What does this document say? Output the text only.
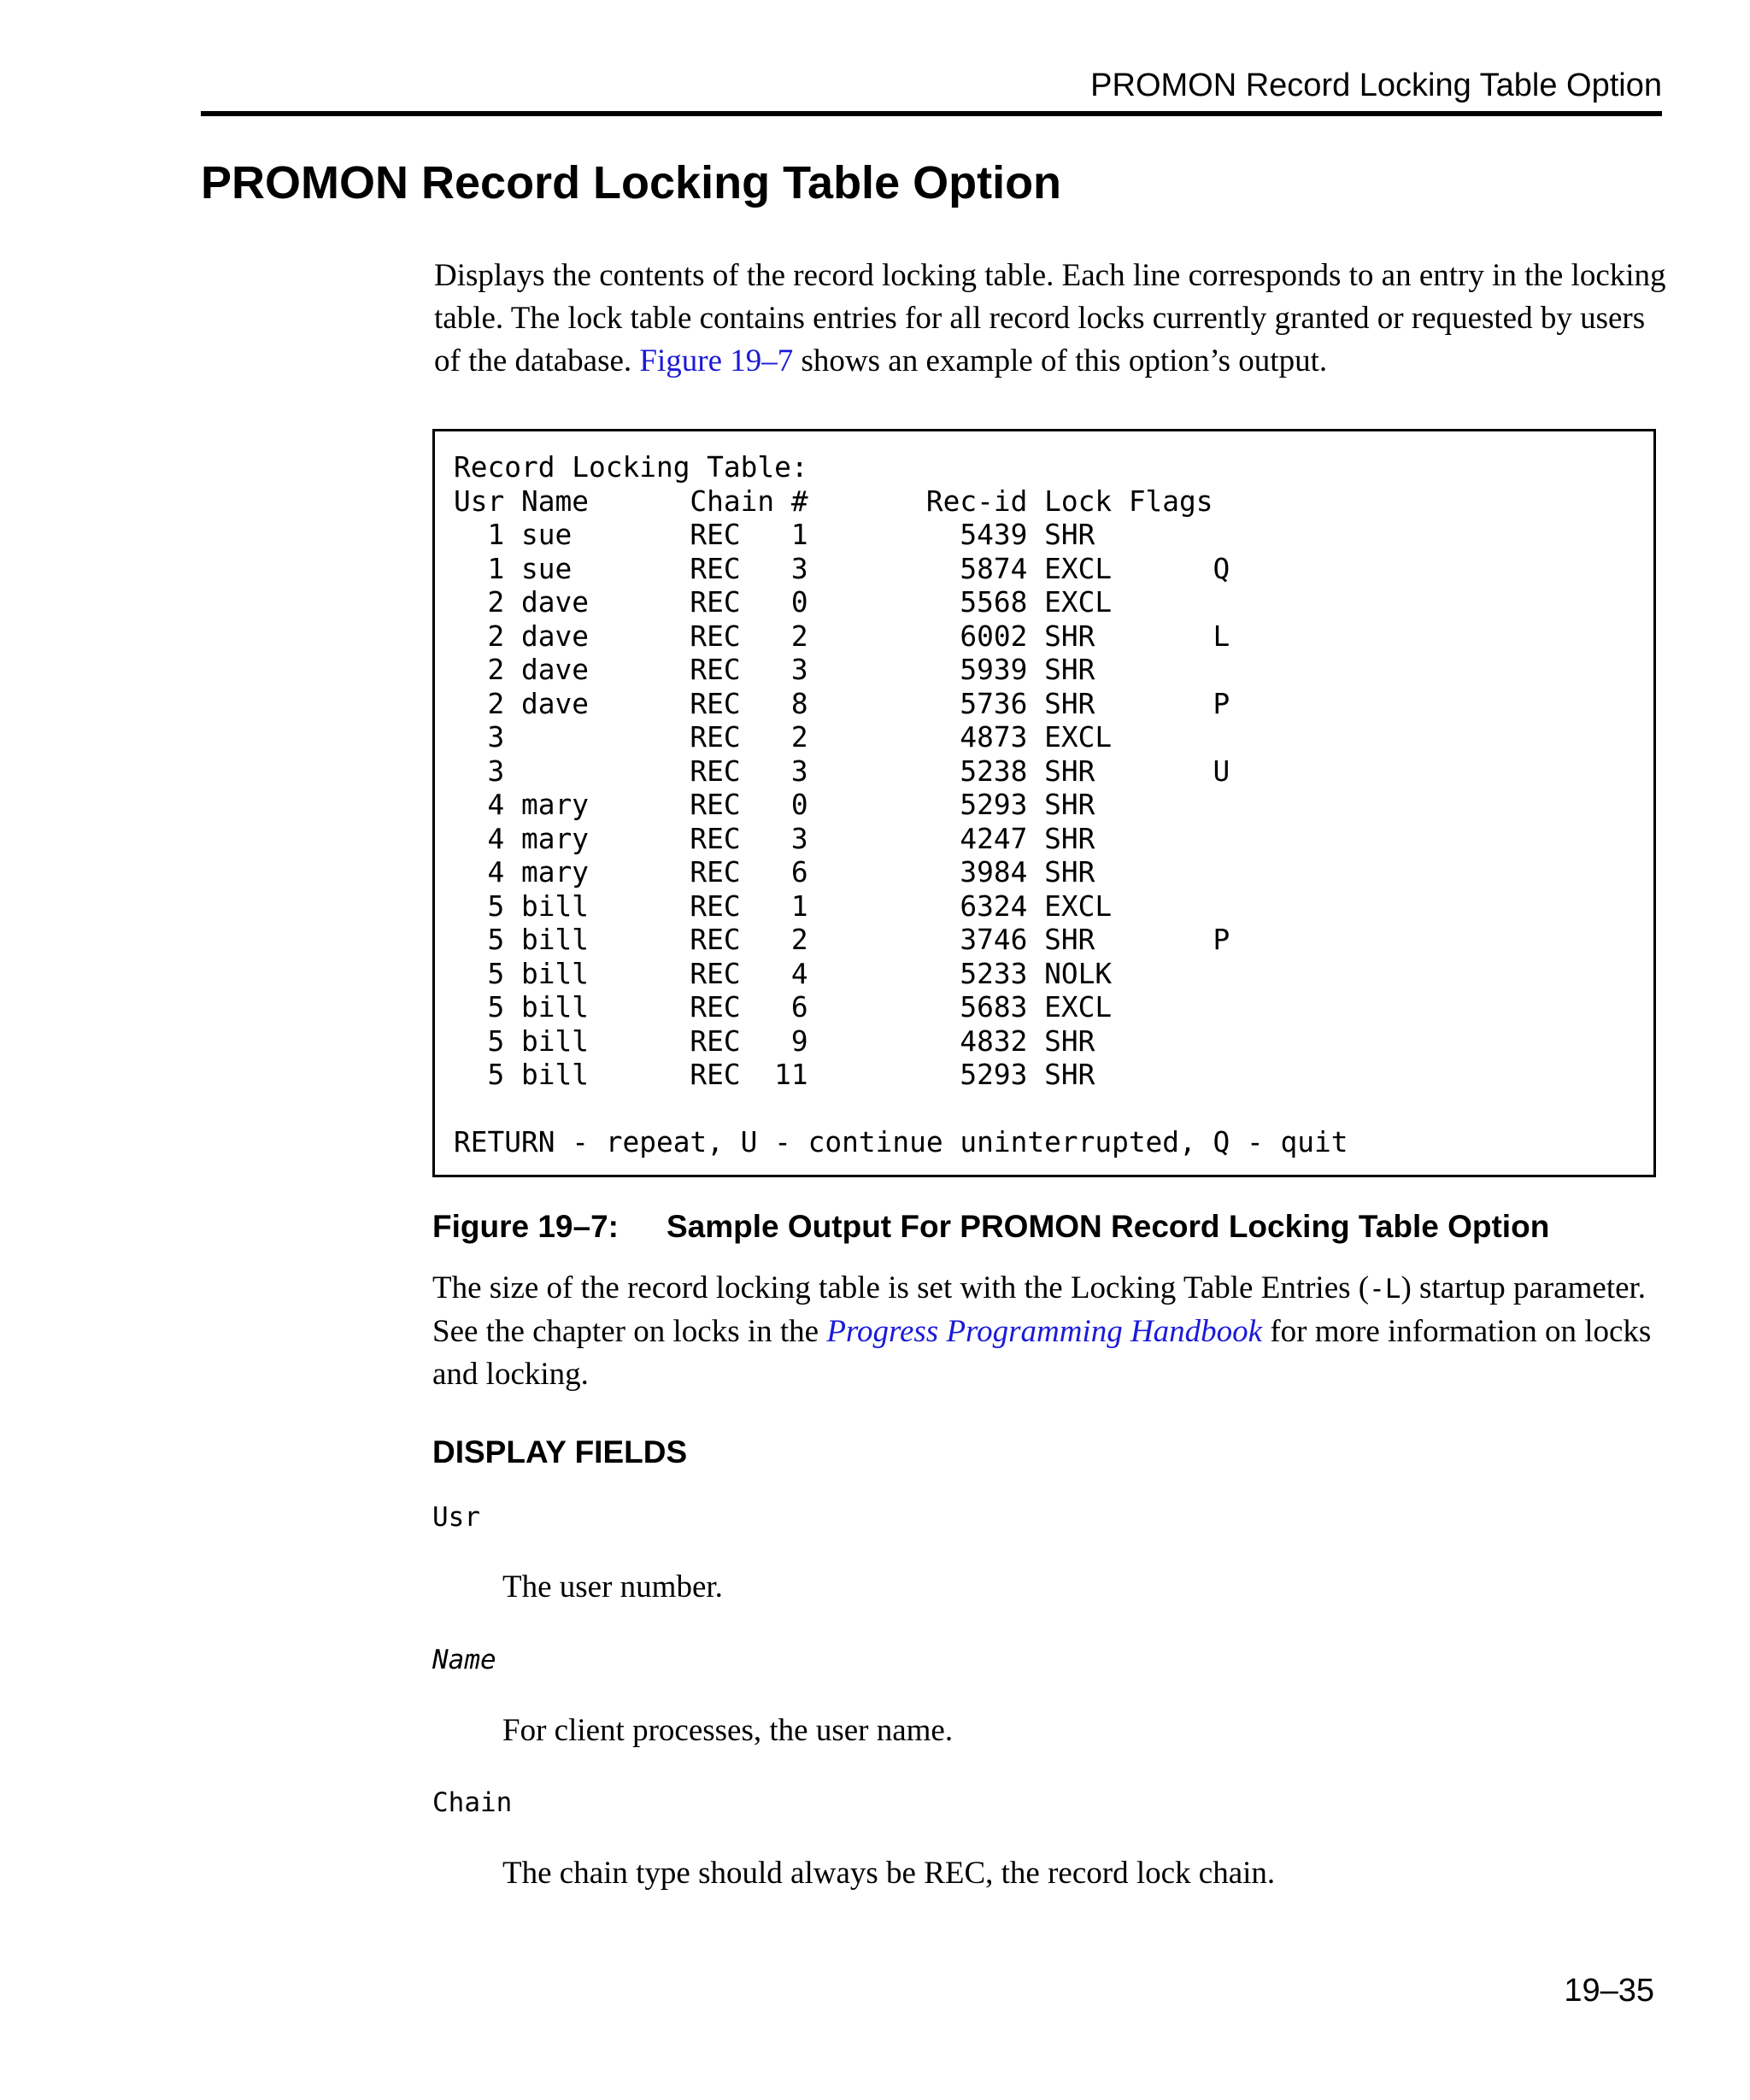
PROMON Record Locking Table Option
PROMON Record Locking Table Option

Displays the contents of the record locking table. Each line corresponds to an entry in the locking table. The lock table contains entries for all record locks currently granted or requested by users of the database. Figure 19–7 shows an example of this option’s output.

Record Locking Table:
Usr Name      Chain #       Rec-id Lock Flags
1 sue       REC   1         5439 SHR
1 sue       REC   3         5874 EXCL      Q
2 dave      REC   0         5568 EXCL
2 dave      REC   2         6002 SHR       L
2 dave      REC   3         5939 SHR
2 dave      REC   8         5736 SHR       P
3           REC   2         4873 EXCL
3           REC   3         5238 SHR       U
4 mary      REC   0         5293 SHR
4 mary      REC   3         4247 SHR
4 mary      REC   6         3984 SHR
5 bill      REC   1         6324 EXCL
5 bill      REC   2         3746 SHR       P
5 bill      REC   4         5233 NOLK
5 bill      REC   6         5683 EXCL
5 bill      REC   9         4832 SHR
5 bill      REC  11         5293 SHR

RETURN - repeat, U - continue uninterrupted, Q - quit

Figure 19–7: Sample Output For PROMON Record Locking Table Option

The size of the record locking table is set with the Locking Table Entries (-L) startup parameter. See the chapter on locks in the Progress Programming Handbook for more information on locks and locking.

DISPLAY FIELDS
Usr
The user number.
Name
For client processes, the user name.
Chain
The chain type should always be REC, the record lock chain.
19–35
